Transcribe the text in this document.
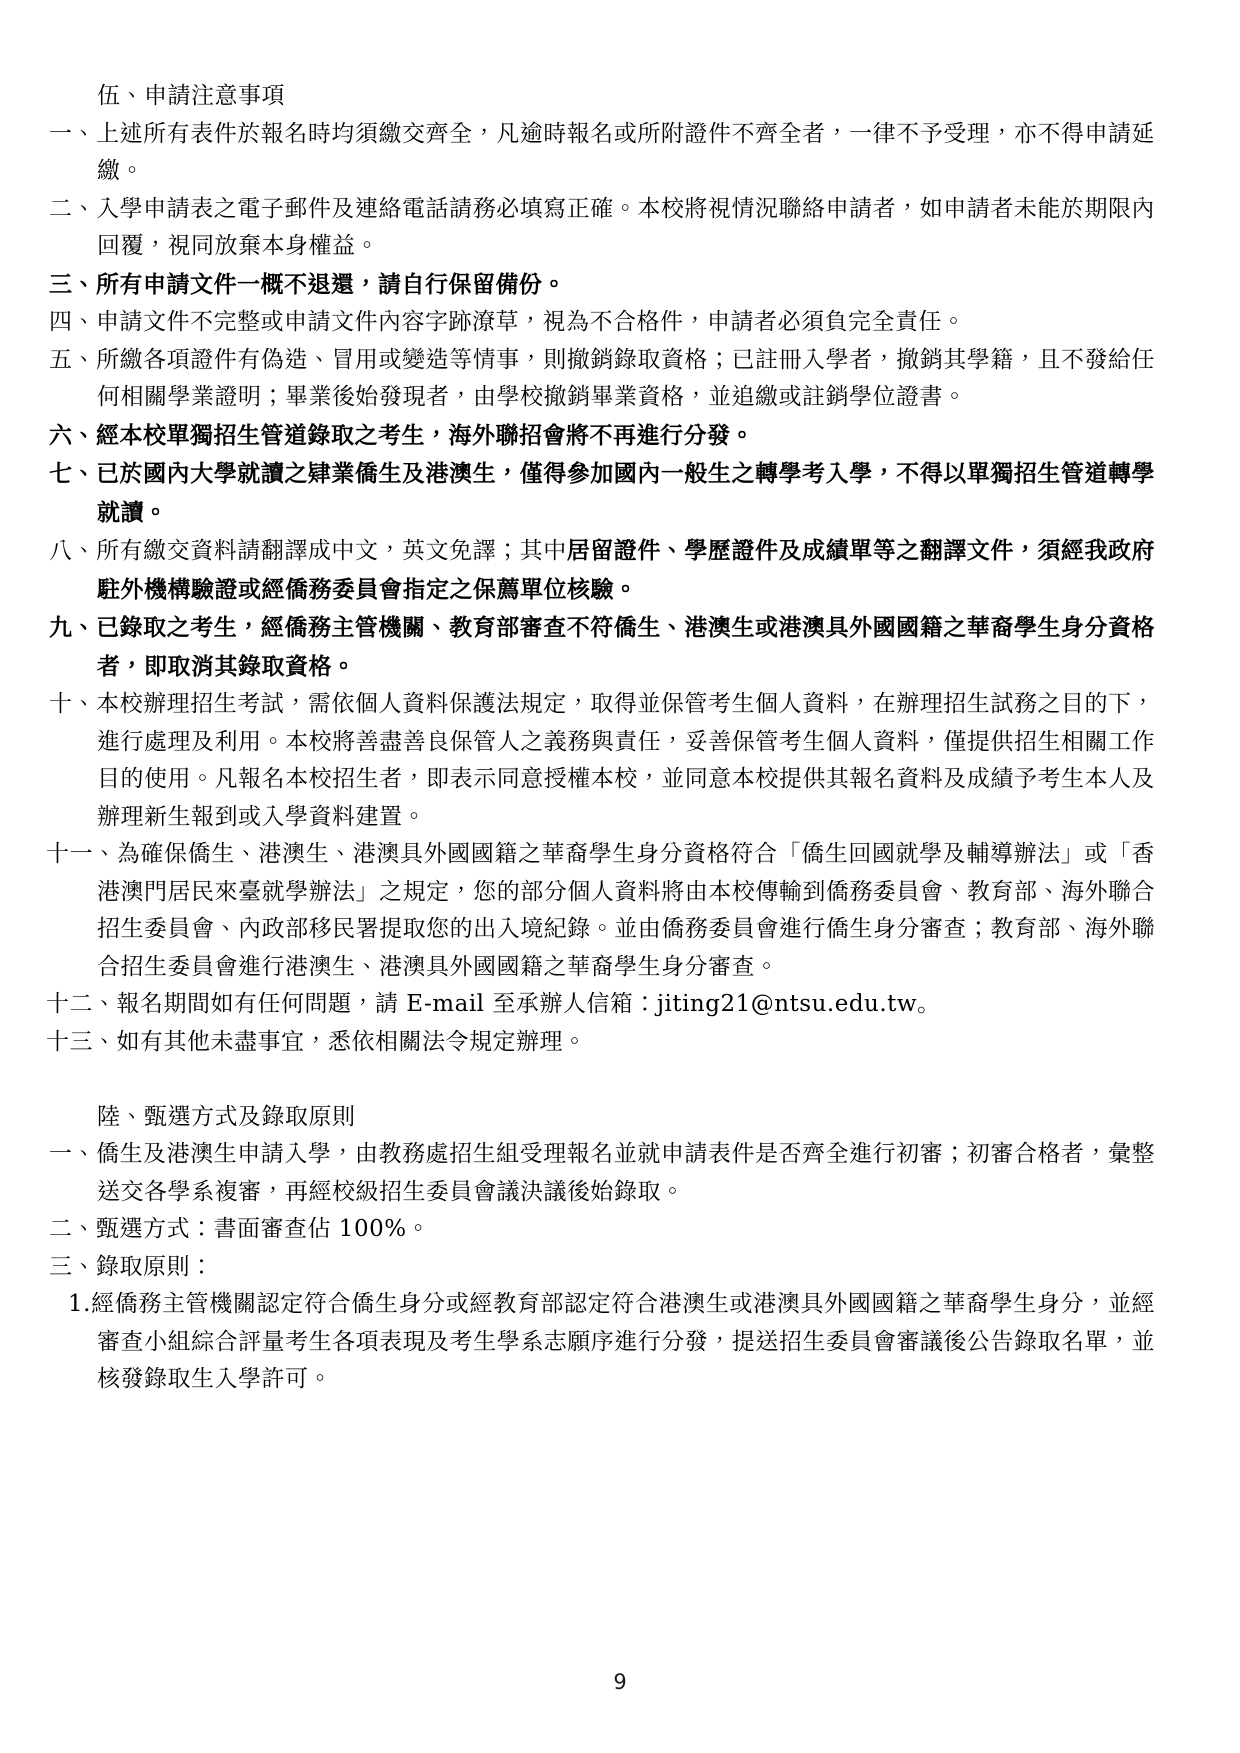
伍、申請注意事項

一、上述所有表件於報名時均須繳交齊全，凡逾時報名或所附證件不齊全者，一律不予受理，亦不得申請延繳。

二、入學申請表之電子郵件及連絡電話請務必填寫正確。本校將視情況聯絡申請者，如申請者未能於期限內回覆，視同放棄本身權益。

三、所有申請文件一概不退還，請自行保留備份。

四、申請文件不完整或申請文件內容字跡潦草，視為不合格件，申請者必須負完全責任。

五、所繳各項證件有偽造、冒用或變造等情事，則撤銷錄取資格；已註冊入學者，撤銷其學籍，且不發給任何相關學業證明；畢業後始發現者，由學校撤銷畢業資格，並追繳或註銷學位證書。

六、經本校單獨招生管道錄取之考生，海外聯招會將不再進行分發。

七、已於國內大學就讀之肄業僑生及港澳生，僅得參加國內一般生之轉學考入學，不得以單獨招生管道轉學就讀。

八、所有繳交資料請翻譯成中文，英文免譯；其中居留證件、學歷證件及成績單等之翻譯文件，須經我政府駐外機構驗證或經僑務委員會指定之保薦單位核驗。

九、已錄取之考生，經僑務主管機關、教育部審查不符僑生、港澳生或港澳具外國國籍之華裔學生身分資格者，即取消其錄取資格。

十、本校辦理招生考試，需依個人資料保護法規定，取得並保管考生個人資料，在辦理招生試務之目的下，進行處理及利用。本校將善盡善良保管人之義務與責任，妥善保管考生個人資料，僅提供招生相關工作目的使用。凡報名本校招生者，即表示同意授權本校，並同意本校提供其報名資料及成績予考生本人及辦理新生報到或入學資料建置。

十一、為確保僑生、港澳生、港澳具外國國籍之華裔學生身分資格符合「僑生回國就學及輔導辦法」或「香港澳門居民來臺就學辦法」之規定，您的部分個人資料將由本校傳輸到僑務委員會、教育部、海外聯合招生委員會、內政部移民署提取您的出入境紀錄。並由僑務委員會進行僑生身分審查；教育部、海外聯合招生委員會進行港澳生、港澳具外國國籍之華裔學生身分審查。

十二、報名期間如有任何問題，請 E-mail 至承辦人信箱：jiting21@ntsu.edu.tw。

十三、如有其他未盡事宜，悉依相關法令規定辦理。

陸、甄選方式及錄取原則

一、僑生及港澳生申請入學，由教務處招生組受理報名並就申請表件是否齊全進行初審；初審合格者，彙整送交各學系複審，再經校級招生委員會議決議後始錄取。

二、甄選方式：書面審查佔 100%。

三、錄取原則：

1.經僑務主管機關認定符合僑生身分或經教育部認定符合港澳生或港澳具外國國籍之華裔學生身分，並經審查小組綜合評量考生各項表現及考生學系志願序進行分發，提送招生委員會審議後公告錄取名單，並核發錄取生入學許可。

9
